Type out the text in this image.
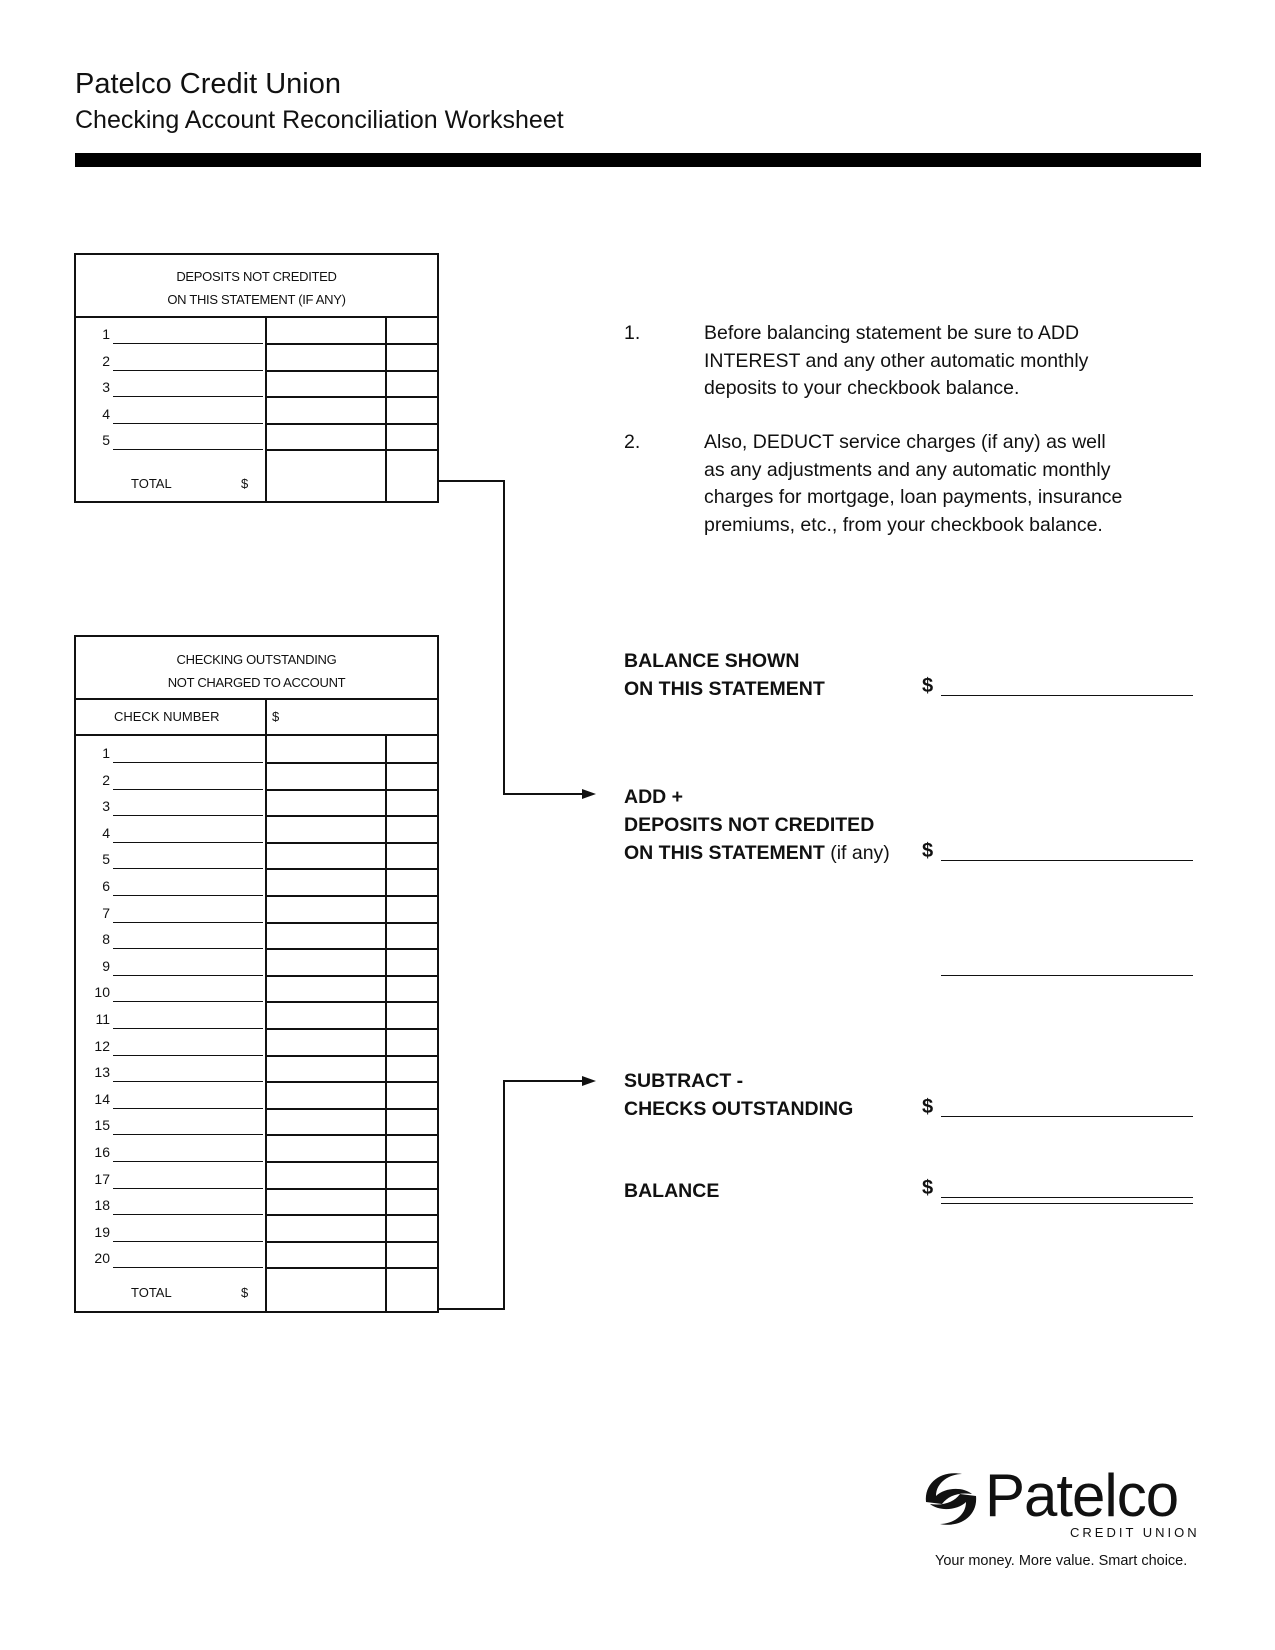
Patelco Credit Union
Checking Account Reconciliation Worksheet
DEPOSITS NOT CREDITED
ON THIS STATEMENT (IF ANY)
1
2
3
4
5
TOTAL	$
CHECKING OUTSTANDING
NOT CHARGED TO ACCOUNT
CHECK NUMBER	$
1
2
3
4
5
6
7
8
9
10
11
12
13
14
15
16
17
18
19
20
TOTAL	$
1.	Before balancing statement be sure to ADD
INTEREST and any other automatic monthly
deposits to your checkbook balance.
2.	Also, DEDUCT service charges (if any) as well
as any adjustments and any automatic monthly
charges for mortgage, loan payments, insurance
premiums, etc., from your checkbook balance.
BALANCE SHOWN
ON THIS STATEMENT	$
ADD +
DEPOSITS NOT CREDITED
ON THIS STATEMENT (if any) $
SUBTRACT -
CHECKS OUTSTANDING	$
BALANCE	$
Patelco
CREDIT UNION
Your money. More value. Smart choice.
